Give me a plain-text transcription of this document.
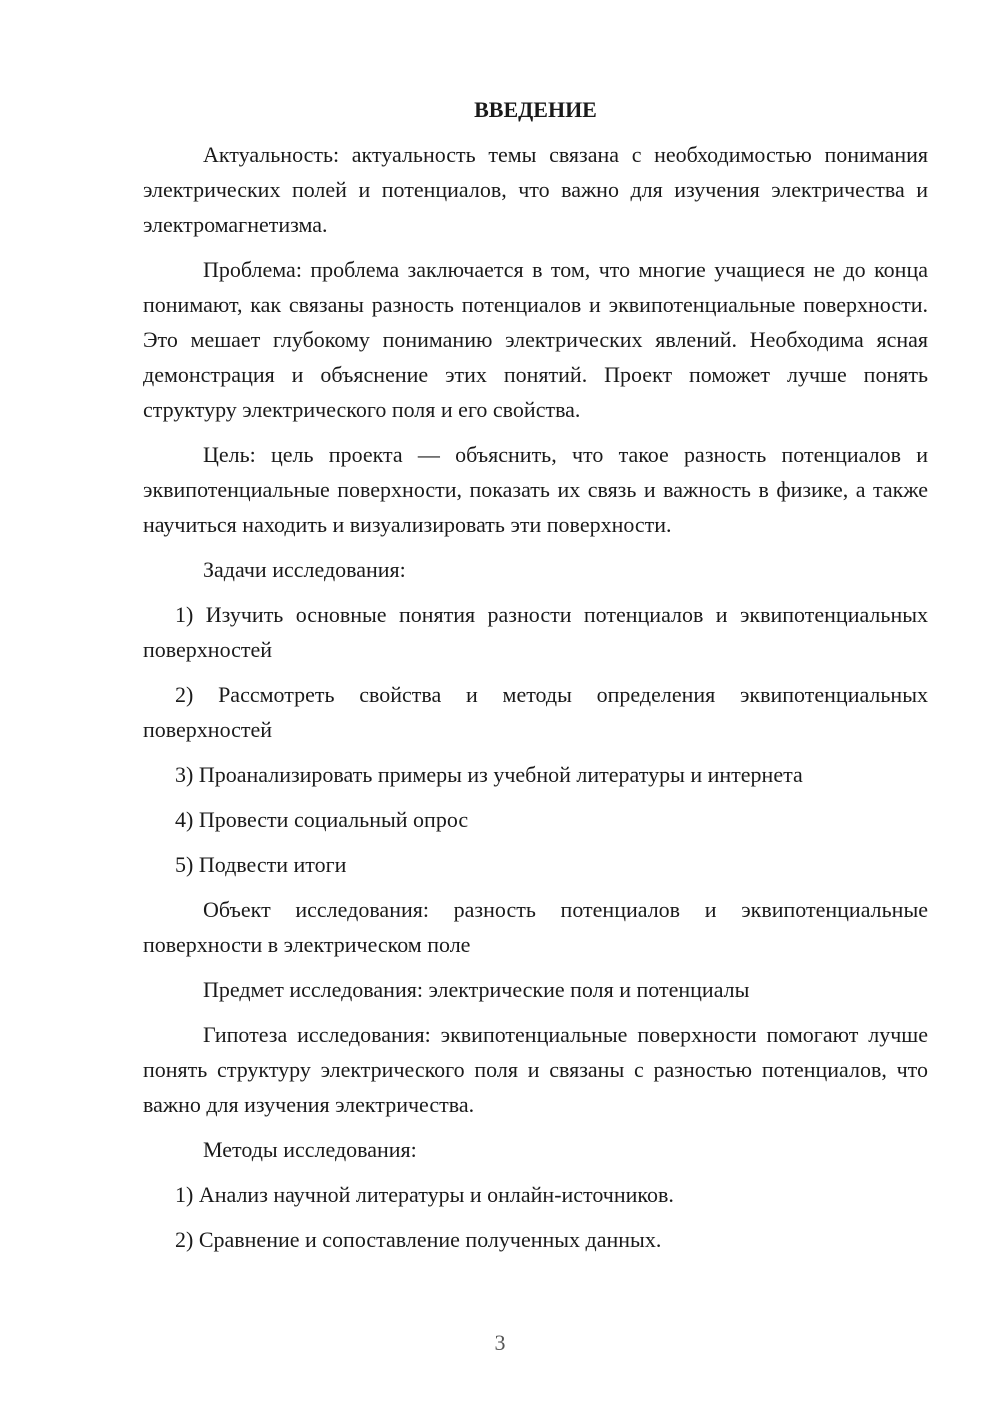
ВВЕДЕНИЕ

Актуальность: актуальность темы связана с необходимостью понимания электрических полей и потенциалов, что важно для изучения электричества и электромагнетизма.

Проблема: проблема заключается в том, что многие учащиеся не до конца понимают, как связаны разность потенциалов и эквипотенциальные поверхности. Это мешает глубокому пониманию электрических явлений. Необходима ясная демонстрация и объяснение этих понятий. Проект поможет лучше понять структуру электрического поля и его свойства.

Цель: цель проекта — объяснить, что такое разность потенциалов и эквипотенциальные поверхности, показать их связь и важность в физике, а также научиться находить и визуализировать эти поверхности.

Задачи исследования:

1) Изучить основные понятия разности потенциалов и эквипотенциальных поверхностей

2) Рассмотреть свойства и методы определения эквипотенциальных поверхностей

3) Проанализировать примеры из учебной литературы и интернета

4) Провести социальный опрос

5) Подвести итоги

Объект исследования: разность потенциалов и эквипотенциальные поверхности в электрическом поле

Предмет исследования: электрические поля и потенциалы

Гипотеза исследования: эквипотенциальные поверхности помогают лучше понять структуру электрического поля и связаны с разностью потенциалов, что важно для изучения электричества.

Методы исследования:

1) Анализ научной литературы и онлайн-источников.

2) Сравнение и сопоставление полученных данных.

3
